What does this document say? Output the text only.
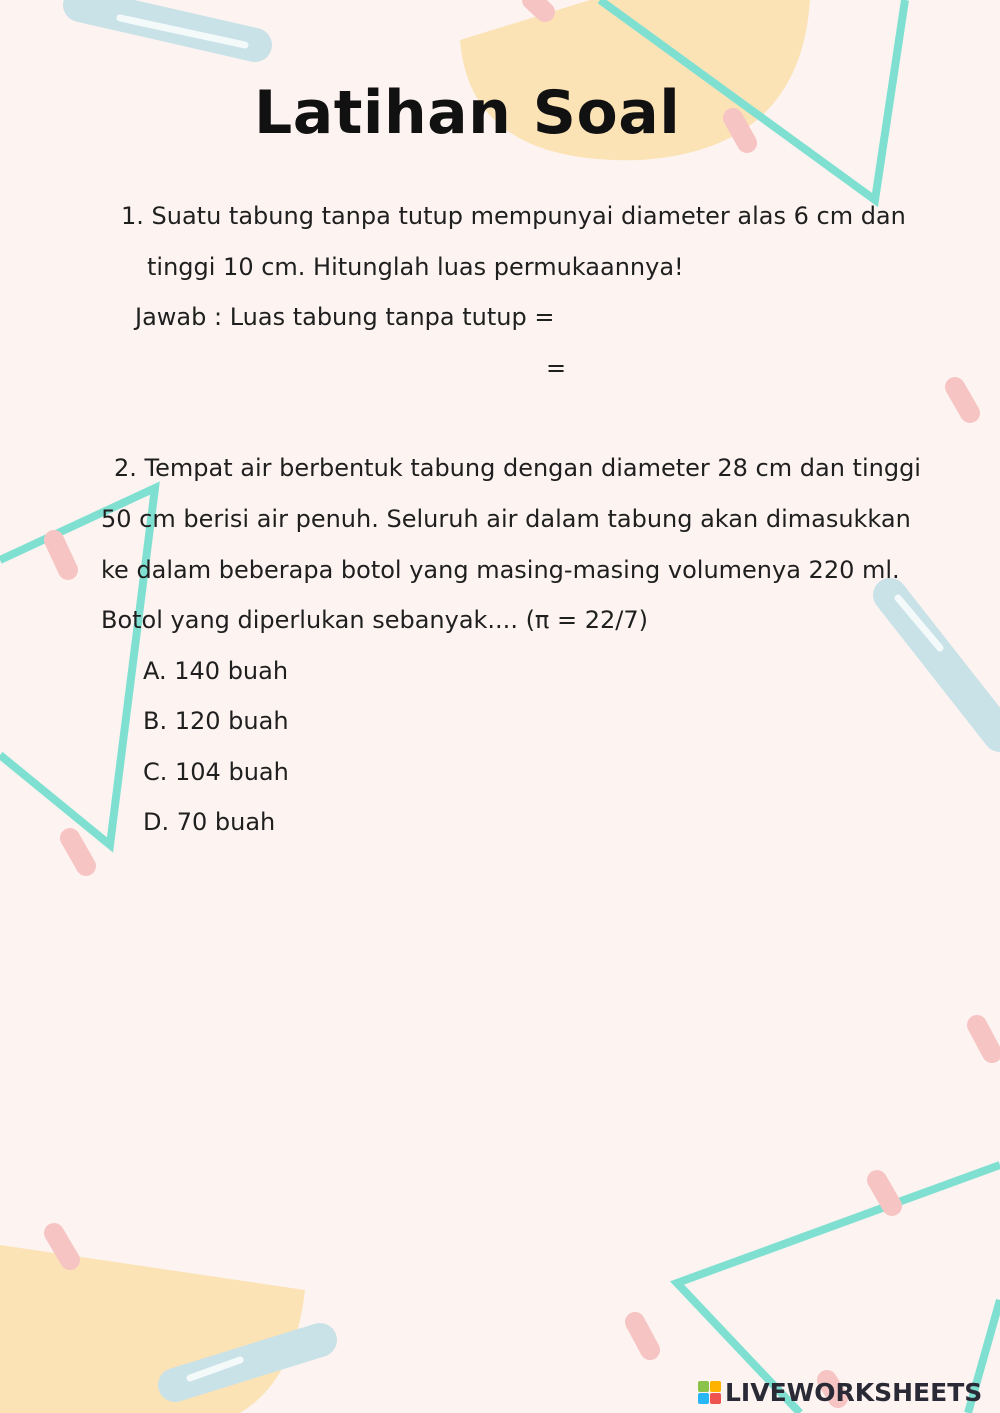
Latihan Soal
1. Suatu tabung tanpa tutup mempunyai diameter alas 6 cm dan
tinggi 10 cm. Hitunglah luas permukaannya!
Jawab : Luas tabung tanpa tutup =
=
2. Tempat air berbentuk tabung dengan diameter 28 cm dan tinggi
50 cm berisi air penuh. Seluruh air dalam tabung akan dimasukkan
ke dalam beberapa botol yang masing-masing volumenya 220 ml.
Botol yang diperlukan sebanyak.... (π = 22/7)
A. 140 buah
B. 120 buah
C. 104 buah
D. 70 buah
LIVEWORKSHEETS
